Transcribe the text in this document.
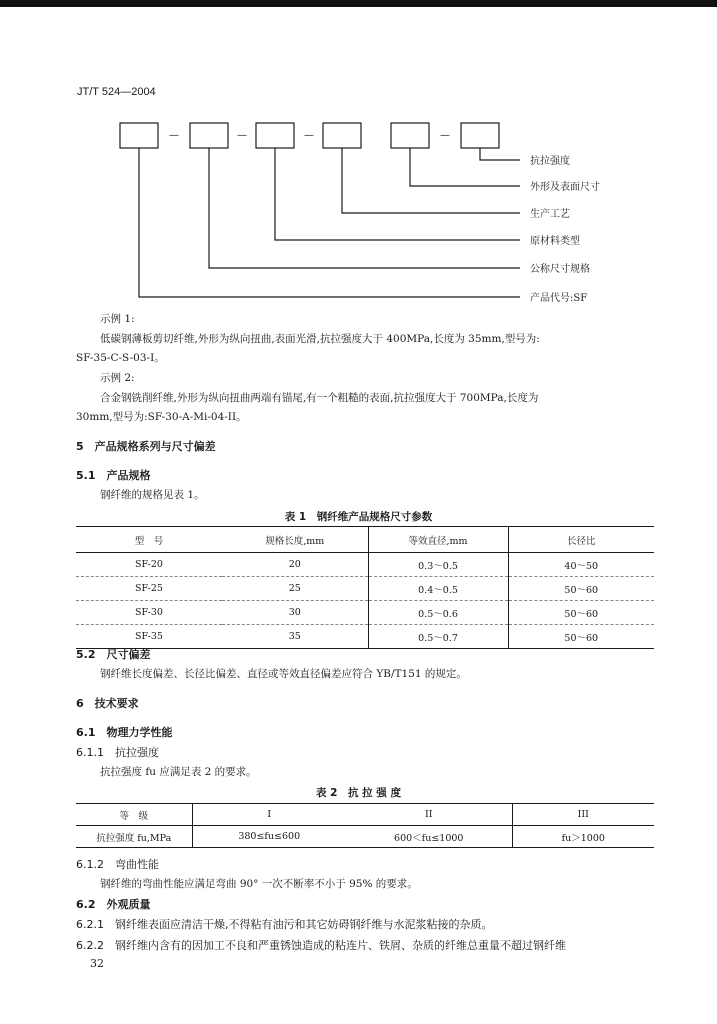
JT/T 524—2004
—	—	—	—
抗拉强度
外形及表面尺寸
生产工艺
原材料类型
公称尺寸规格
产品代号:SF
示例 1:
低碳钢薄板剪切纤维,外形为纵向扭曲,表面光滑,抗拉强度大于 400MPa,长度为 35mm,型号为:
SF-35-C-S-03-I。
示例 2:
合金钢铣削纤维,外形为纵向扭曲两端有锚尾,有一个粗糙的表面,抗拉强度大于 700MPa,长度为
30mm,型号为:SF-30-A-Mi-04-II。
5　产品规格系列与尺寸偏差
5.1　产品规格
钢纤维的规格见表 1。
表 1　钢纤维产品规格尺寸参数
型　号	规格长度,mm	等效直径,mm	长径比
SF-20	20	0.3～0.5	40～50
SF-25	25	0.4～0.5	50～60
SF-30	30	0.5～0.6	50～60
SF-35	35	0.5～0.7	50～60
5.2　尺寸偏差
钢纤维长度偏差、长径比偏差、直径或等效直径偏差应符合 YB/T151 的规定。
6　技术要求
6.1　物理力学性能
6.1.1　抗拉强度
抗拉强度 fu 应满足表 2 的要求。
表 2　抗 拉 强 度
等　级	I	II	III
抗拉强度 fu,MPa	380≤fu≤600	600＜fu≤1000	fu＞1000
6.1.2　弯曲性能
钢纤维的弯曲性能应满足弯曲 90° 一次不断率不小于 95% 的要求。
6.2　外观质量
6.2.1　钢纤维表面应清洁干燥,不得粘有油污和其它妨碍钢纤维与水泥浆粘接的杂质。
6.2.2　钢纤维内含有的因加工不良和严重锈蚀造成的粘连片、铁屑、杂质的纤维总重量不超过钢纤维
32
